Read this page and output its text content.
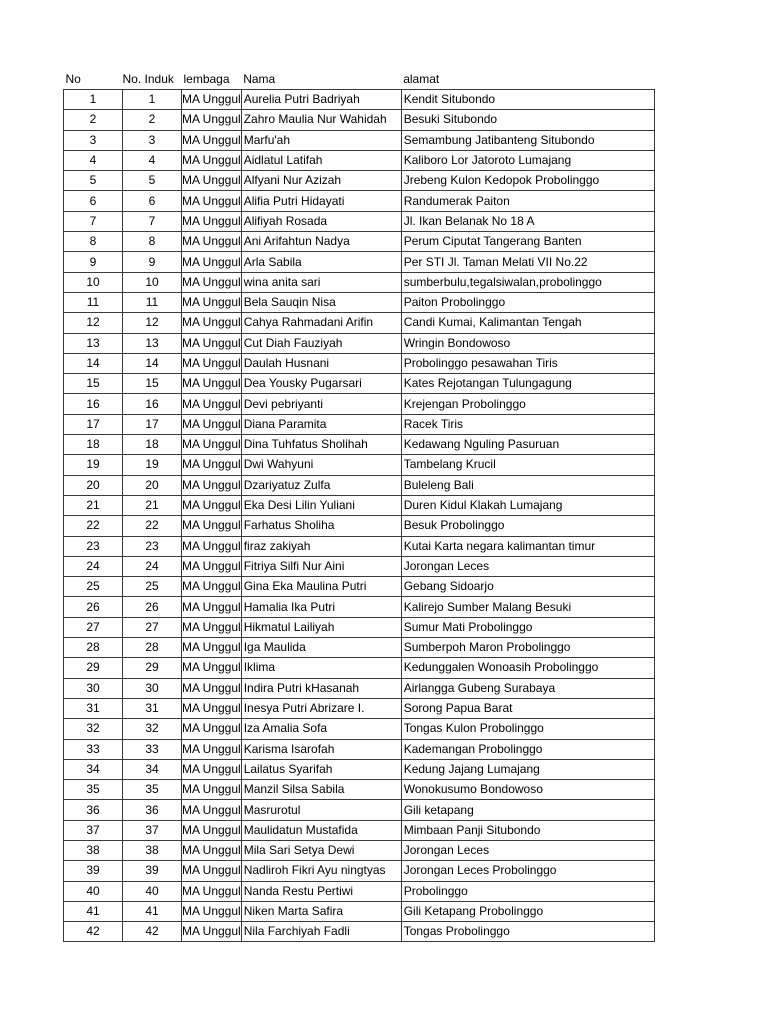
No	No. Induk	lembaga	Nama	alamat
1	1	MA Unggul	Aurelia Putri Badriyah	Kendit Situbondo
2	2	MA Unggul	Zahro Maulia Nur Wahidah	Besuki Situbondo
3	3	MA Unggul	Marfu'ah	Semambung Jatibanteng Situbondo
4	4	MA Unggul	Aidlatul Latifah	Kaliboro Lor Jatoroto Lumajang
5	5	MA Unggul	Alfyani Nur Azizah	Jrebeng Kulon Kedopok Probolinggo
6	6	MA Unggul	Alifia Putri Hidayati	Randumerak Paiton
7	7	MA Unggul	Alifiyah Rosada	Jl. Ikan Belanak No 18 A
8	8	MA Unggul	Ani Arifahtun Nadya	Perum Ciputat Tangerang Banten
9	9	MA Unggul	Arla Sabila	Per STI Jl. Taman Melati VII No.22
10	10	MA Unggul	wina anita sari	sumberbulu,tegalsiwalan,probolinggo
11	11	MA Unggul	Bela Sauqin Nisa	Paiton Probolinggo
12	12	MA Unggul	Cahya Rahmadani Arifin	Candi Kumai, Kalimantan Tengah
13	13	MA Unggul	Cut Diah Fauziyah	Wringin Bondowoso
14	14	MA Unggul	Daulah Husnani	Probolinggo pesawahan Tiris
15	15	MA Unggul	Dea Yousky Pugarsari	Kates Rejotangan Tulungagung
16	16	MA Unggul	Devi pebriyanti	Krejengan Probolinggo
17	17	MA Unggul	Diana Paramita	Racek Tiris
18	18	MA Unggul	Dina Tuhfatus Sholihah	Kedawang Nguling Pasuruan
19	19	MA Unggul	Dwi Wahyuni	Tambelang Krucil
20	20	MA Unggul	Dzariyatuz Zulfa	Buleleng Bali
21	21	MA Unggul	Eka Desi Lilin Yuliani	Duren Kidul Klakah Lumajang
22	22	MA Unggul	Farhatus Sholiha	Besuk Probolinggo
23	23	MA Unggul	firaz zakiyah	Kutai Karta negara kalimantan timur
24	24	MA Unggul	Fitriya Silfi Nur Aini	Jorongan Leces
25	25	MA Unggul	Gina Eka Maulina Putri	Gebang Sidoarjo
26	26	MA Unggul	Hamalia Ika Putri	Kalirejo Sumber Malang Besuki
27	27	MA Unggul	Hikmatul Lailiyah	Sumur Mati Probolinggo
28	28	MA Unggul	Iga Maulida	Sumberpoh Maron Probolinggo
29	29	MA Unggul	Iklima	Kedunggalen Wonoasih Probolinggo
30	30	MA Unggul	Indira Putri kHasanah	Airlangga Gubeng Surabaya
31	31	MA Unggul	Inesya Putri Abrizare I.	Sorong Papua Barat
32	32	MA Unggul	Iza Amalia Sofa	Tongas Kulon Probolinggo
33	33	MA Unggul	Karisma Isarofah	Kademangan Probolinggo
34	34	MA Unggul	Lailatus Syarifah	Kedung Jajang Lumajang
35	35	MA Unggul	Manzil Silsa Sabila	Wonokusumo Bondowoso
36	36	MA Unggul	Masrurotul	Gili ketapang
37	37	MA Unggul	Maulidatun Mustafida	Mimbaan Panji Situbondo
38	38	MA Unggul	Mila Sari Setya Dewi	Jorongan Leces
39	39	MA Unggul	Nadliroh Fikri Ayu ningtyas	Jorongan Leces Probolinggo
40	40	MA Unggul	Nanda Restu Pertiwi	Probolinggo
41	41	MA Unggul	Niken Marta Safira	Gili Ketapang Probolinggo
42	42	MA Unggul	Nila Farchiyah Fadli	Tongas Probolinggo
